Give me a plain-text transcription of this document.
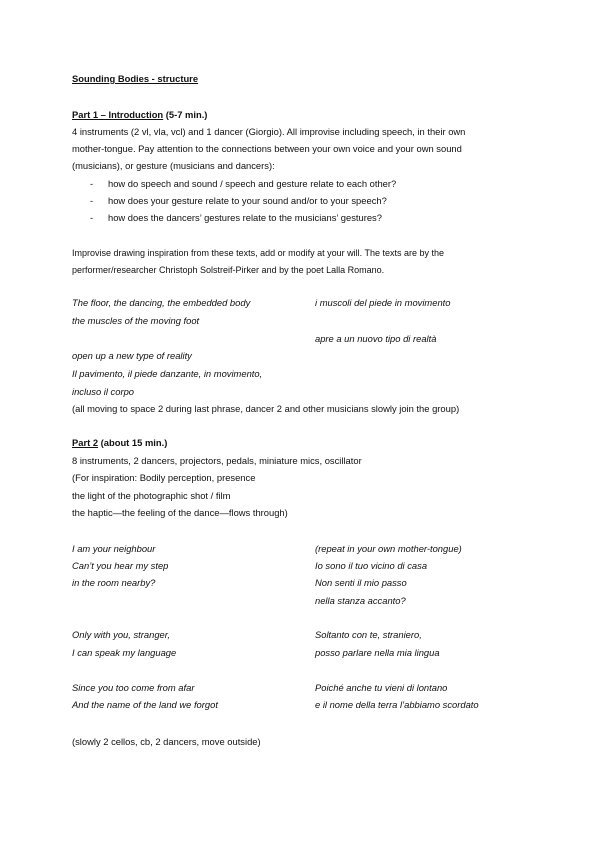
Sounding Bodies - structure
Part 1 – Introduction (5-7 min.)
4 instruments (2 vl, vla, vcl) and 1 dancer (Giorgio). All improvise including speech, in their own
mother-tongue. Pay attention to the connections between your own voice and your own sound
(musicians), or gesture (musicians and dancers):
- how do speech and sound / speech and gesture relate to each other?
- how does your gesture relate to your sound and/or to your speech?
- how does the dancers’ gestures relate to the musicians’ gestures?
Improvise drawing inspiration from these texts, add or modify at your will. The texts are by the
performer/researcher Christoph Solstreif-Pirker and by the poet Lalla Romano.
The floor, the dancing, the embedded body	i muscoli del piede in movimento
the muscles of the moving foot
apre a un nuovo tipo di realtà
open up a new type of reality
Il pavimento, il piede danzante, in movimento,
incluso il corpo
(all moving to space 2 during last phrase, dancer 2 and other musicians slowly join the group)
Part 2 (about 15 min.)
8 instruments, 2 dancers, projectors, pedals, miniature mics, oscillator
(For inspiration: Bodily perception, presence
the light of the photographic shot / film
the haptic—the feeling of the dance—flows through)
I am your neighbour
Can’t you hear my step
in the room nearby?
(repeat in your own mother-tongue)
Io sono il tuo vicino di casa
Non senti il mio passo
nella stanza accanto?
Only with you, stranger,
I can speak my language
Soltanto con te, straniero,
posso parlare nella mia lingua
Since you too come from afar
And the name of the land we forgot
Poiché anche tu vieni di lontano
e il nome della terra l’abbiamo scordato
(slowly 2 cellos, cb, 2 dancers, move outside)
